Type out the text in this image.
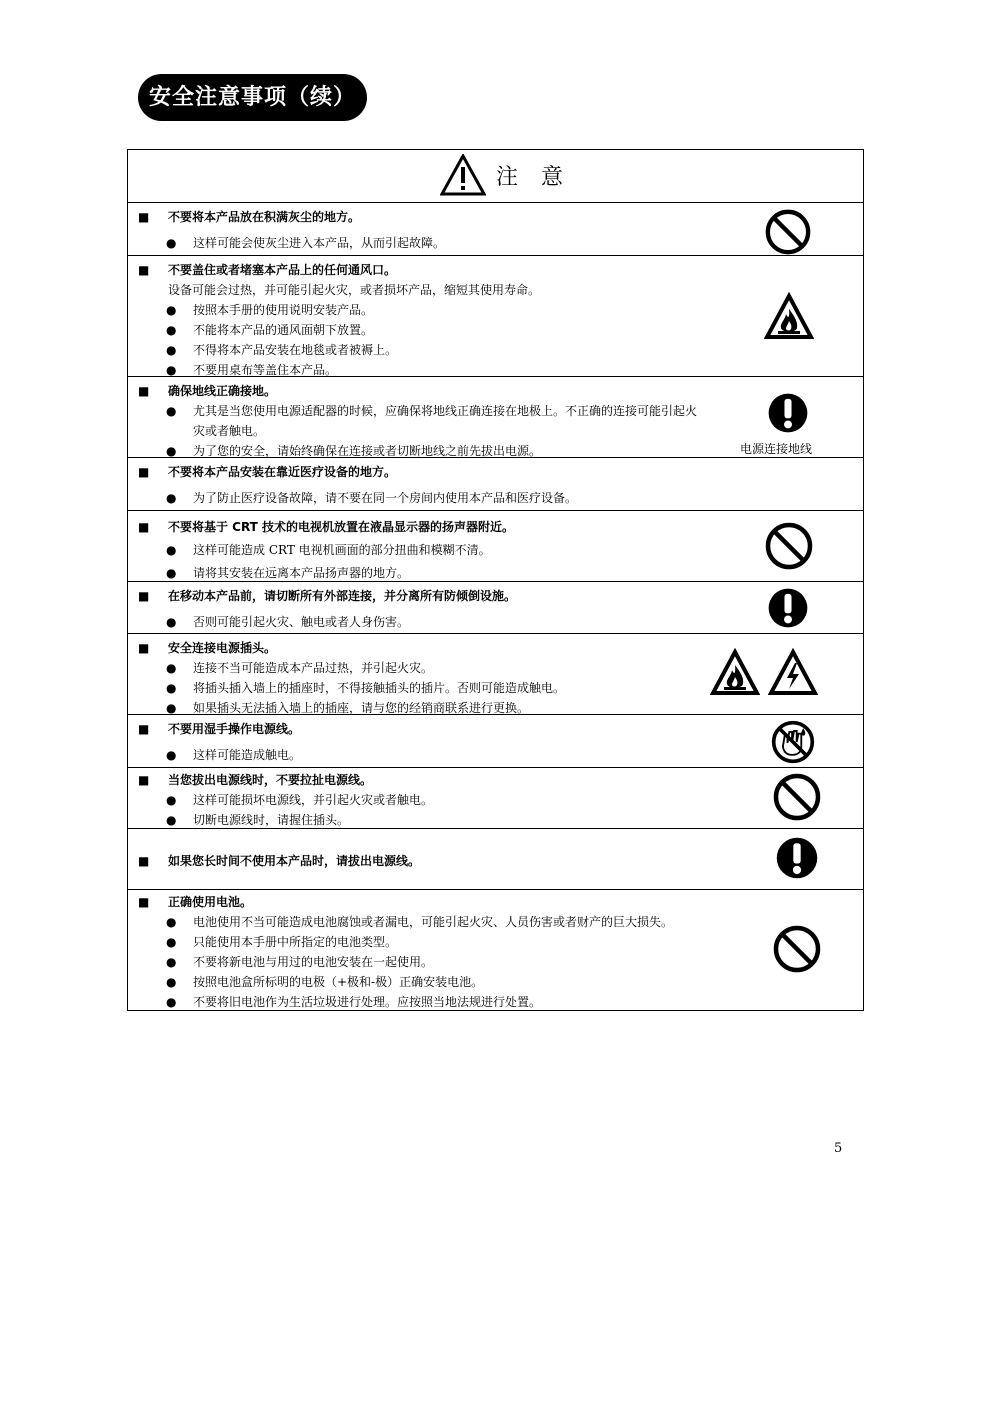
安全注意事项（续）
注 意
■ 不要将本产品放在积满灰尘的地方。
● 这样可能会使灰尘进入本产品，从而引起故障。
■ 不要盖住或者堵塞本产品上的任何通风口。
设备可能会过热，并可能引起火灾，或者损坏产品，缩短其使用寿命。
● 按照本手册的使用说明安装产品。
● 不能将本产品的通风面朝下放置。
● 不得将本产品安装在地毯或者被褥上。
● 不要用桌布等盖住本产品。
■ 确保地线正确接地。
● 尤其是当您使用电源适配器的时候，应确保将地线正确连接在地极上。不正确的连接可能引起火
灾或者触电。
● 为了您的安全，请始终确保在连接或者切断地线之前先拔出电源。	电源连接地线
■ 不要将本产品安装在靠近医疗设备的地方。
● 为了防止医疗设备故障，请不要在同一个房间内使用本产品和医疗设备。
■ 不要将基于 CRT 技术的电视机放置在液晶显示器的扬声器附近。
● 这样可能造成 CRT 电视机画面的部分扭曲和模糊不清。
● 请将其安装在远离本产品扬声器的地方。
■ 在移动本产品前，请切断所有外部连接，并分离所有防倾倒设施。
● 否则可能引起火灾、触电或者人身伤害。
■ 安全连接电源插头。
● 连接不当可能造成本产品过热，并引起火灾。
● 将插头插入墙上的插座时，不得接触插头的插片。否则可能造成触电。
● 如果插头无法插入墙上的插座，请与您的经销商联系进行更换。
■ 不要用湿手操作电源线。
● 这样可能造成触电。
■ 当您拔出电源线时，不要拉扯电源线。
● 这样可能损坏电源线，并引起火灾或者触电。
● 切断电源线时，请握住插头。
■ 如果您长时间不使用本产品时，请拔出电源线。
■ 正确使用电池。
● 电池使用不当可能造成电池腐蚀或者漏电，可能引起火灾、人员伤害或者财产的巨大损失。
● 只能使用本手册中所指定的电池类型。
● 不要将新电池与用过的电池安装在一起使用。
● 按照电池盒所标明的电极（+极和-极）正确安装电池。
● 不要将旧电池作为生活垃圾进行处理。应按照当地法规进行处置。
5
